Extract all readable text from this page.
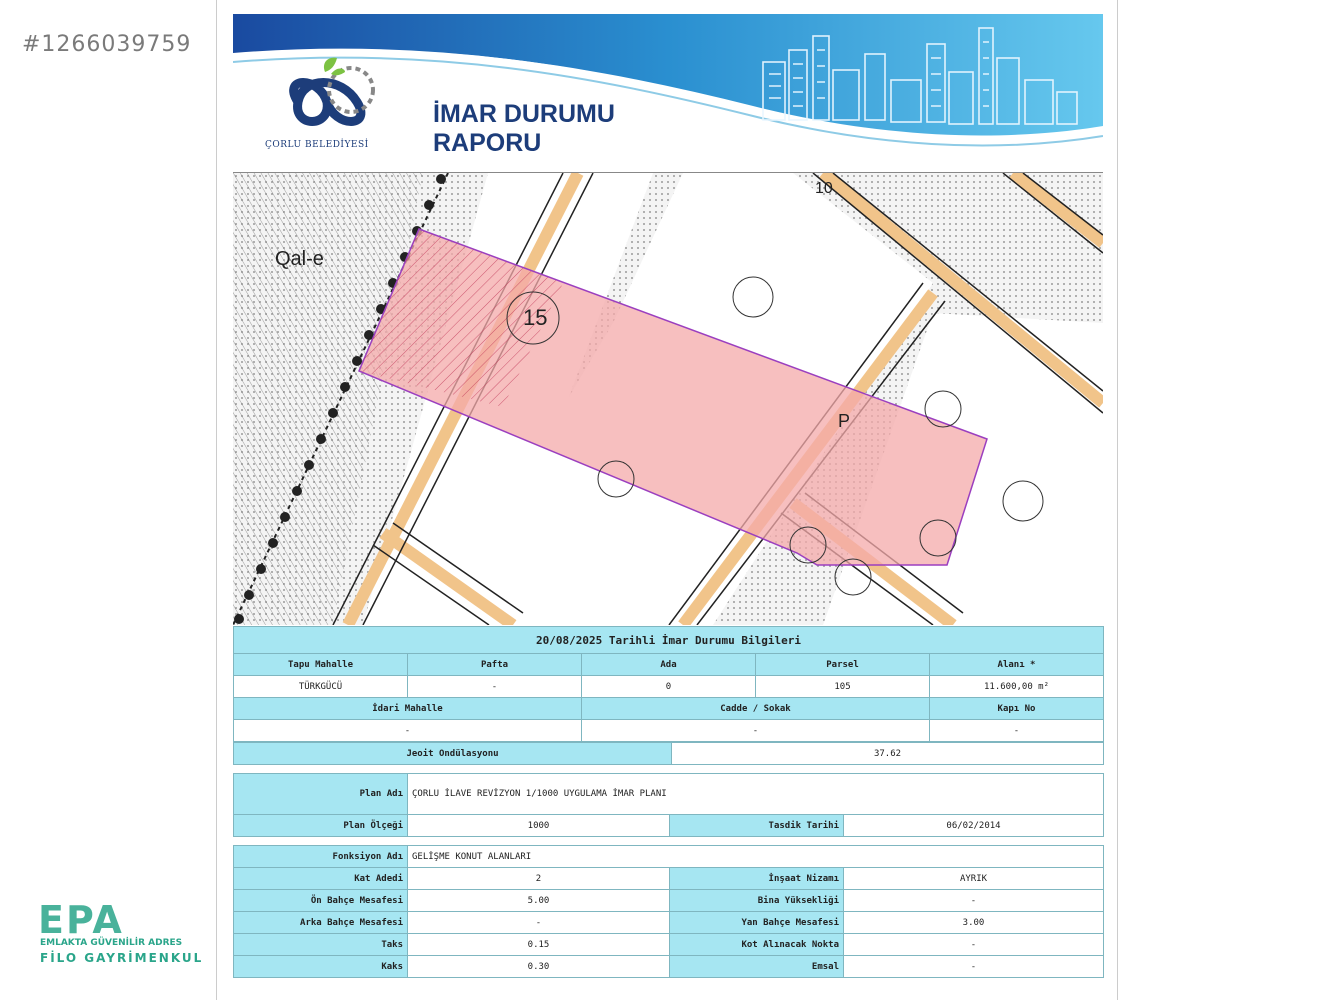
#1266039759
EPA
EMLAKTA GÜVENİLİR ADRES
FİLO GAYRİMENKUL
ÇORLU BELEDİYESİ
İMAR DURUMU
RAPORU
Qal-e
15
10
P
20/08/2025 Tarihli İmar Durumu Bilgileri				
Tapu Mahalle	Pafta	Ada	Parsel	Alanı *
TÜRKGÜCÜ	-	0	105	11.600,00 m²
İdari Mahalle		Cadde / Sokak		Kapı No
-		-		-
Jeoit Ondülasyonu	37.62
Plan Adı	ÇORLU İLAVE REVİZYON 1/1000 UYGULAMA İMAR PLANI		
Plan Ölçeği	1000	Tasdik Tarihi	06/02/2014
Fonksiyon Adı	GELİŞME KONUT ALANLARI		
Kat Adedi	2	İnşaat Nizamı	AYRIK
Ön Bahçe Mesafesi	5.00	Bina Yüksekliği	-
Arka Bahçe Mesafesi	-	Yan Bahçe Mesafesi	3.00
Taks	0.15	Kot Alınacak Nokta	-
Kaks	0.30	Emsal	-
